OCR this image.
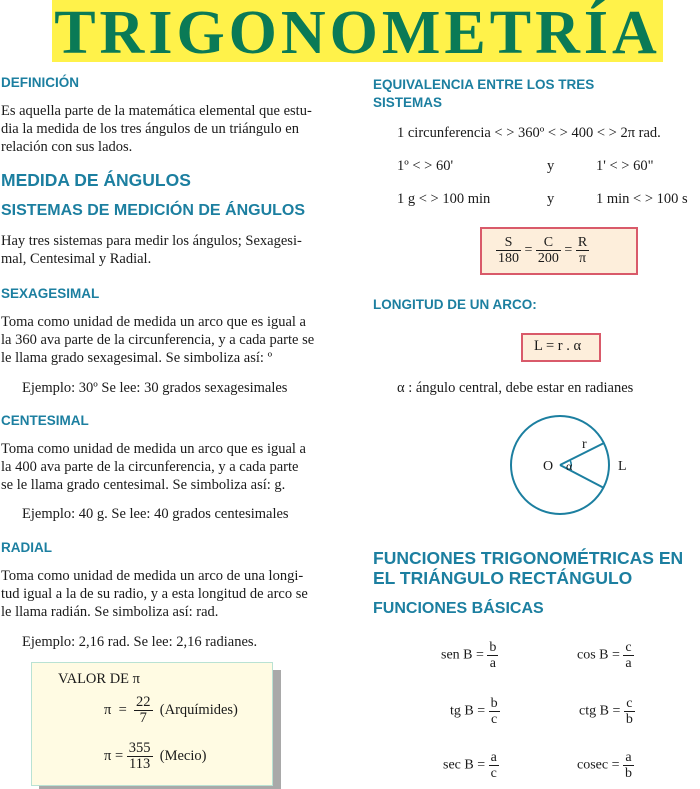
TRIGONOMETRÍA
DEFINICIÓN
Es aquella parte de la matemática elemental que estu-
dia la medida de los tres ángulos de un triángulo en
relación con sus lados.
MEDIDA DE ÁNGULOS
SISTEMAS DE MEDICIÓN DE ÁNGULOS
Hay tres sistemas para medir los ángulos; Sexagesi-
mal, Centesimal y Radial.
SEXAGESIMAL
Toma como unidad de medida un arco que es igual a
la 360 ava parte de la circunferencia, y a cada parte se
le llama grado sexagesimal. Se simboliza así: º
Ejemplo: 30º Se lee: 30 grados sexagesimales
CENTESIMAL
Toma como unidad de medida un arco que es igual a
la 400 ava parte de la circunferencia, y a cada parte
se le llama grado centesimal. Se simboliza así: g.
Ejemplo: 40 g. Se lee: 40 grados centesimales
RADIAL
Toma como unidad de medida un arco de una longi-
tud igual a la de su radio, y a esta longitud de arco se
le llama radián. Se simboliza así: rad.
Ejemplo: 2,16 rad. Se lee: 2,16 radianes.
VALOR DE π
$\pi = \frac{22}{7}$ (Arquímides)
$\pi = \frac{355}{113}$ (Mecio)
EQUIVALENCIA ENTRE LOS TRES
SISTEMAS
1 circunferencia < > 360º < > 400 < > 2π rad.
1º < > 60'	y	1' < > 60"
1 g < > 100 min	y	1 min < > 100 s
$\frac{S}{180} = \frac{C}{200} = \frac{R}{\pi}$
LONGITUD DE UN ARCO:
L = r . α
α : ángulo central, debe estar en radianes
O α
r
L
FUNCIONES TRIGONOMÉTRICAS EN
EL TRIÁNGULO RECTÁNGULO
FUNCIONES BÁSICAS
sen $B = \frac{b}{a}$	$\cos B = \frac{c}{a}$
tg $B = \frac{b}{c}$	ctg $B = \frac{c}{b}$
$\sec B = \frac{a}{c}$	$cosec = \frac{a}{b}$
